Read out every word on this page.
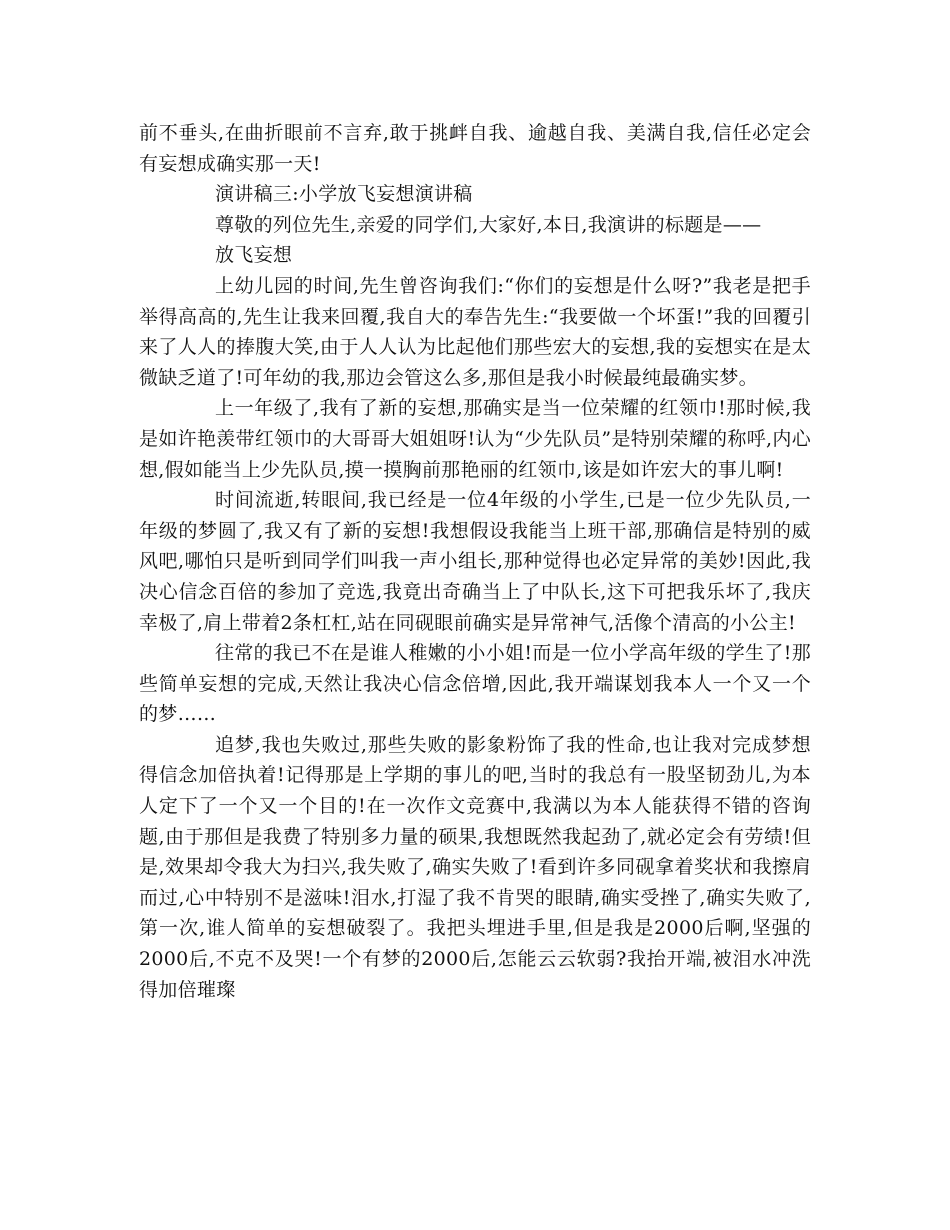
前不垂头,在曲折眼前不言弃,敢于挑衅自我、逾越自我、美满自我,信任必定会有妄想成确实那一天!

演讲稿三:小学放飞妄想演讲稿

尊敬的列位先生,亲爱的同学们,大家好,本日,我演讲的标题是——

放飞妄想

上幼儿园的时间,先生曾咨询我们:“你们的妄想是什么呀?”我老是把手举得高高的,先生让我来回覆,我自大的奉告先生:“我要做一个坏蛋!”我的回覆引来了人人的捧腹大笑,由于人人认为比起他们那些宏大的妄想,我的妄想实在是太微缺乏道了!可年幼的我,那边会管这么多,那但是我小时候最纯最确实梦。

上一年级了,我有了新的妄想,那确实是当一位荣耀的红领巾!那时候,我是如许艳羡带红领巾的大哥哥大姐姐呀!认为“少先队员”是特别荣耀的称呼,内心想,假如能当上少先队员,摸一摸胸前那艳丽的红领巾,该是如许宏大的事儿啊!

时间流逝,转眼间,我已经是一位4年级的小学生,已是一位少先队员,一年级的梦圆了,我又有了新的妄想!我想假设我能当上班干部,那确信是特别的威风吧,哪怕只是听到同学们叫我一声小组长,那种觉得也必定异常的美妙!因此,我决心信念百倍的参加了竞选,我竟出奇确当上了中队长,这下可把我乐坏了,我庆幸极了,肩上带着2条杠杠,站在同砚眼前确实是异常神气,活像个清高的小公主!

往常的我已不在是谁人稚嫩的小小姐!而是一位小学高年级的学生了!那些简单妄想的完成,天然让我决心信念倍增,因此,我开端谋划我本人一个又一个的梦……

追梦,我也失败过,那些失败的影象粉饰了我的性命,也让我对完成梦想得信念加倍执着!记得那是上学期的事儿的吧,当时的我总有一股坚韧劲儿,为本人定下了一个又一个目的!在一次作文竞赛中,我满以为本人能获得不错的咨询题,由于那但是我费了特别多力量的硕果,我想既然我起劲了,就必定会有劳绩!但是,效果却令我大为扫兴,我失败了,确实失败了!看到许多同砚拿着奖状和我擦肩而过,心中特别不是滋味!泪水,打湿了我不肯哭的眼睛,确实受挫了,确实失败了,第一次,谁人简单的妄想破裂了。我把头埋进手里,但是我是2000后啊,坚强的2000后,不克不及哭!一个有梦的2000后,怎能云云软弱?我抬开端,被泪水冲洗得加倍璀璨
